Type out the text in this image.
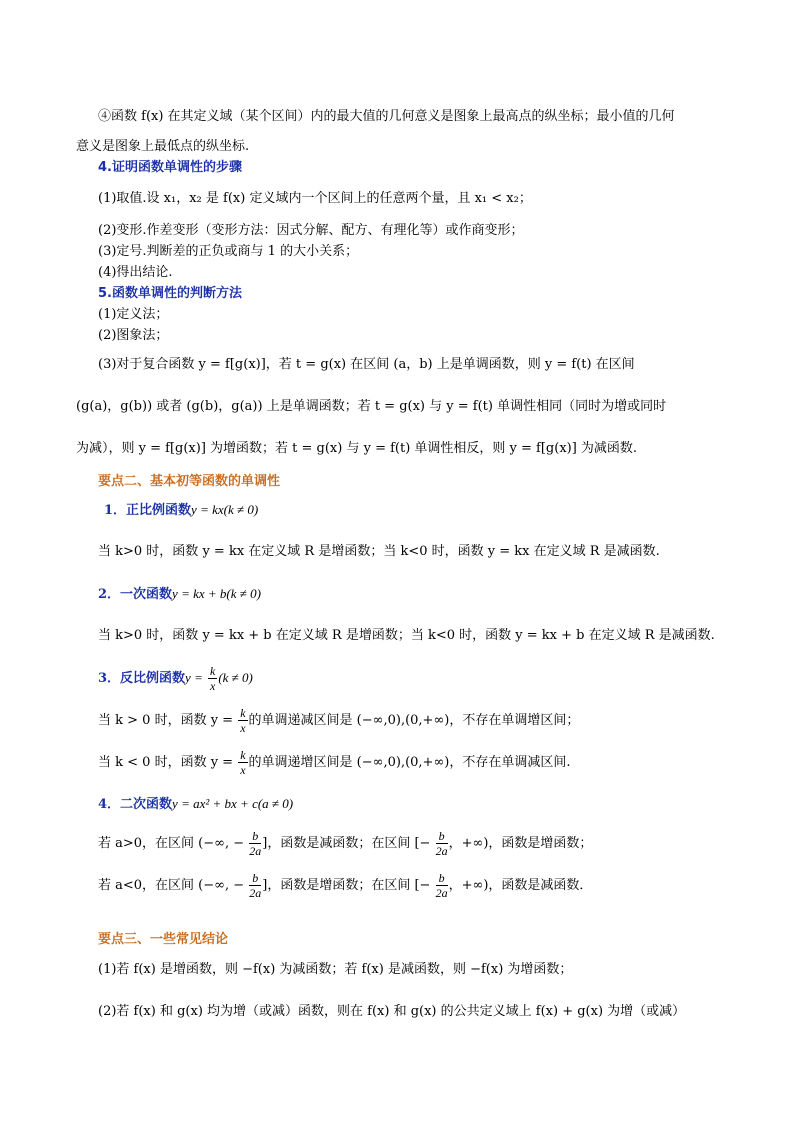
④函数 f(x) 在其定义域（某个区间）内的最大值的几何意义是图象上最高点的纵坐标；最小值的几何
意义是图象上最低点的纵坐标.
4.证明函数单调性的步骤
(1)取值.设 x₁，x₂ 是 f(x) 定义域内一个区间上的任意两个量，且 x₁ < x₂；
(2)变形.作差变形（变形方法：因式分解、配方、有理化等）或作商变形；
(3)定号.判断差的正负或商与 1 的大小关系；
(4)得出结论.
5.函数单调性的判断方法
(1)定义法；
(2)图象法；
(3)对于复合函数 y = f[g(x)]，若 t = g(x) 在区间 (a，b) 上是单调函数，则 y = f(t) 在区间
(g(a)，g(b)) 或者 (g(b)，g(a)) 上是单调函数；若 t = g(x) 与 y = f(t) 单调性相同（同时为增或同时
为减），则 y = f[g(x)] 为增函数；若 t = g(x) 与 y = f(t) 单调性相反，则 y = f[g(x)] 为减函数.
要点二、基本初等函数的单调性
1．正比例函数y = kx(k ≠ 0)
当 k>0 时，函数 y = kx 在定义域 R 是增函数；当 k<0 时，函数 y = kx 在定义域 R 是减函数.
2．一次函数y = kx + b(k ≠ 0)
当 k>0 时，函数 y = kx + b 在定义域 R 是增函数；当 k<0 时，函数 y = kx + b 在定义域 R 是减函数.
3．反比例函数$y = \frac{k}{x} (k \ne 0)$
当 k > 0 时，函数 $y = \frac{k}{x}$ 的单调递减区间是 (−∞,0),(0,+∞)，不存在单调增区间；
当 k < 0 时，函数 $y = \frac{k}{x}$ 的单调递增区间是 (−∞,0),(0,+∞)，不存在单调减区间.
4．二次函数y = ax² + bx + c(a ≠ 0)
若 a>0，在区间 (−∞, − $\frac{b}{2a}$ ]，函数是减函数；在区间 [− $\frac{b}{2a}$ ，+∞)，函数是增函数；
若 a<0，在区间 (−∞, − $\frac{b}{2a}$ ]，函数是增函数；在区间 [− $\frac{b}{2a}$ ，+∞)，函数是减函数．
要点三、一些常见结论
(1)若 f(x) 是增函数，则 −f(x) 为减函数；若 f(x) 是减函数，则 −f(x) 为增函数；
(2)若 f(x) 和 g(x) 均为增（或减）函数，则在 f(x) 和 g(x) 的公共定义域上 f(x) + g(x) 为增（或减）
